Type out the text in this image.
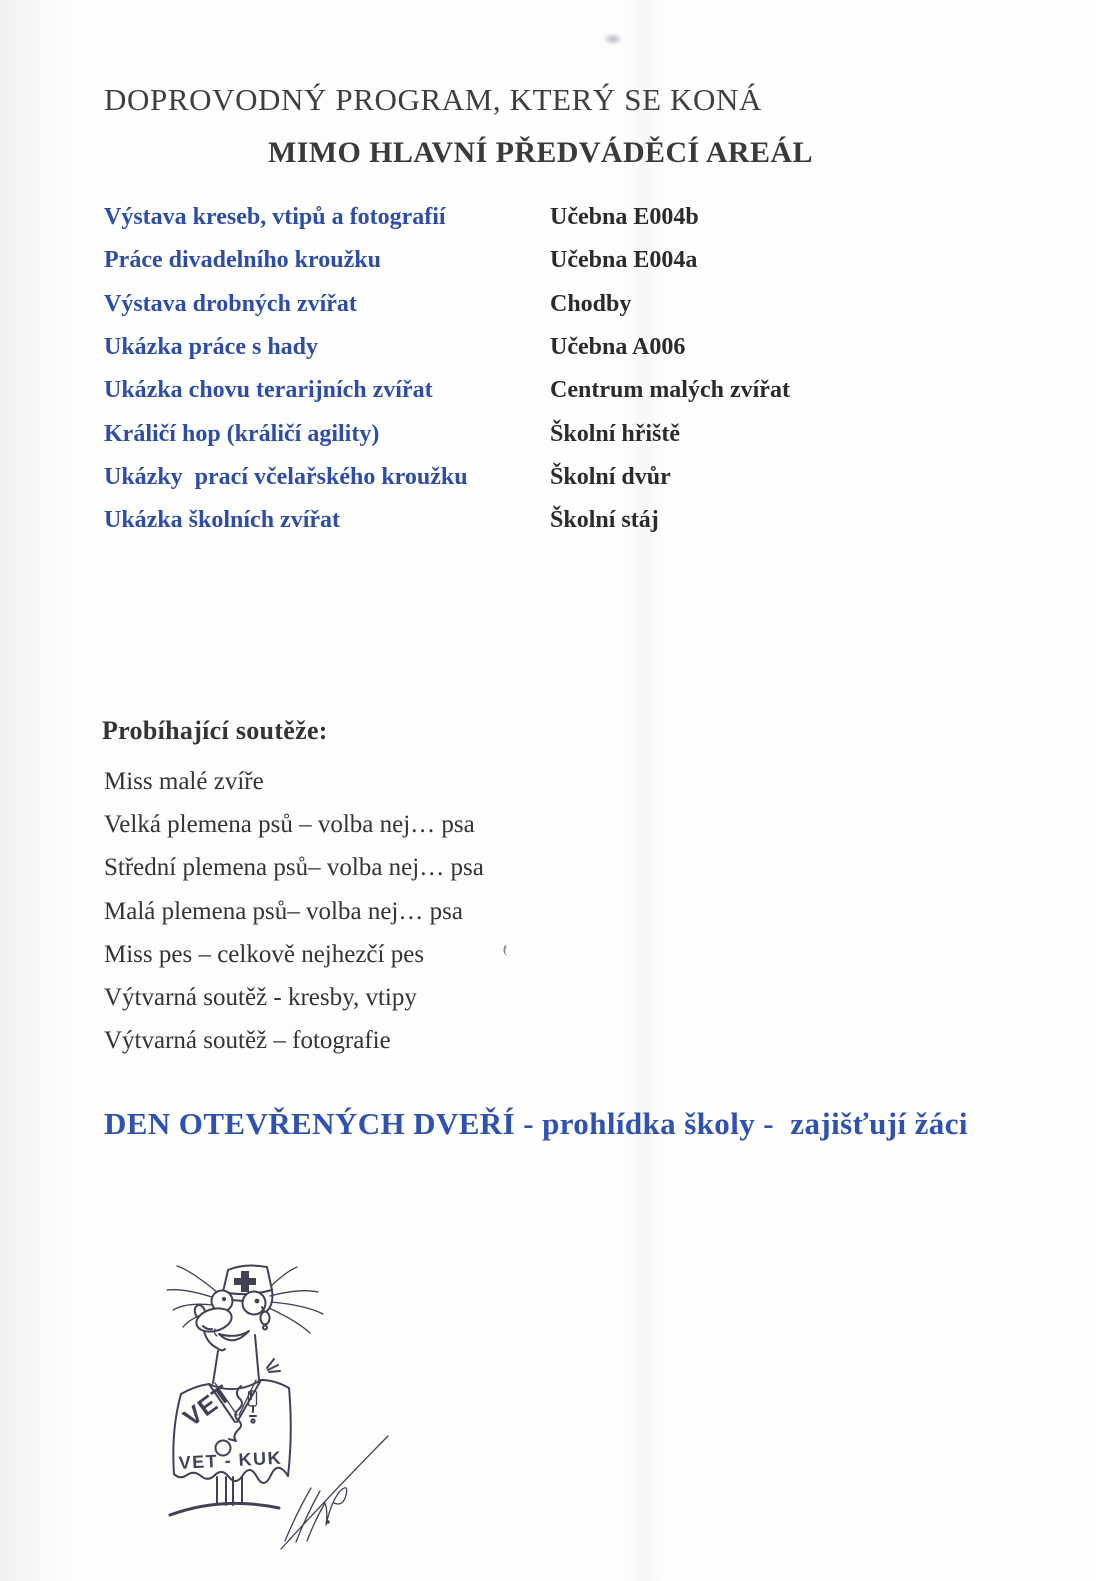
DOPROVODNÝ PROGRAM, KTERÝ SE KONÁ
MIMO HLAVNÍ PŘEDVÁDĚCÍ AREÁL
Výstava kreseb, vtipů a fotografií	Učebna E004b
Práce divadelního kroužku	Učebna E004a
Výstava drobných zvířat	Chodby
Ukázka práce s hady	Učebna A006
Ukázka chovu terarijních zvířat	Centrum malých zvířat
Králičí hop (králičí agility)	Školní hřiště
Ukázky  prací včelařského kroužku	Školní dvůr
Ukázka školních zvířat	Školní stáj
Probíhající soutěže:
Miss malé zvíře
Velká plemena psů – volba nej… psa
Střední plemena psů– volba nej… psa
Malá plemena psů– volba nej… psa
Miss pes – celkově nejhezčí pes
Výtvarná soutěž - kresby, vtipy
Výtvarná soutěž – fotografie
DEN OTEVŘENÝCH DVEŘÍ - prohlídka školy -  zajišťují žáci
VET
VET - KUK
